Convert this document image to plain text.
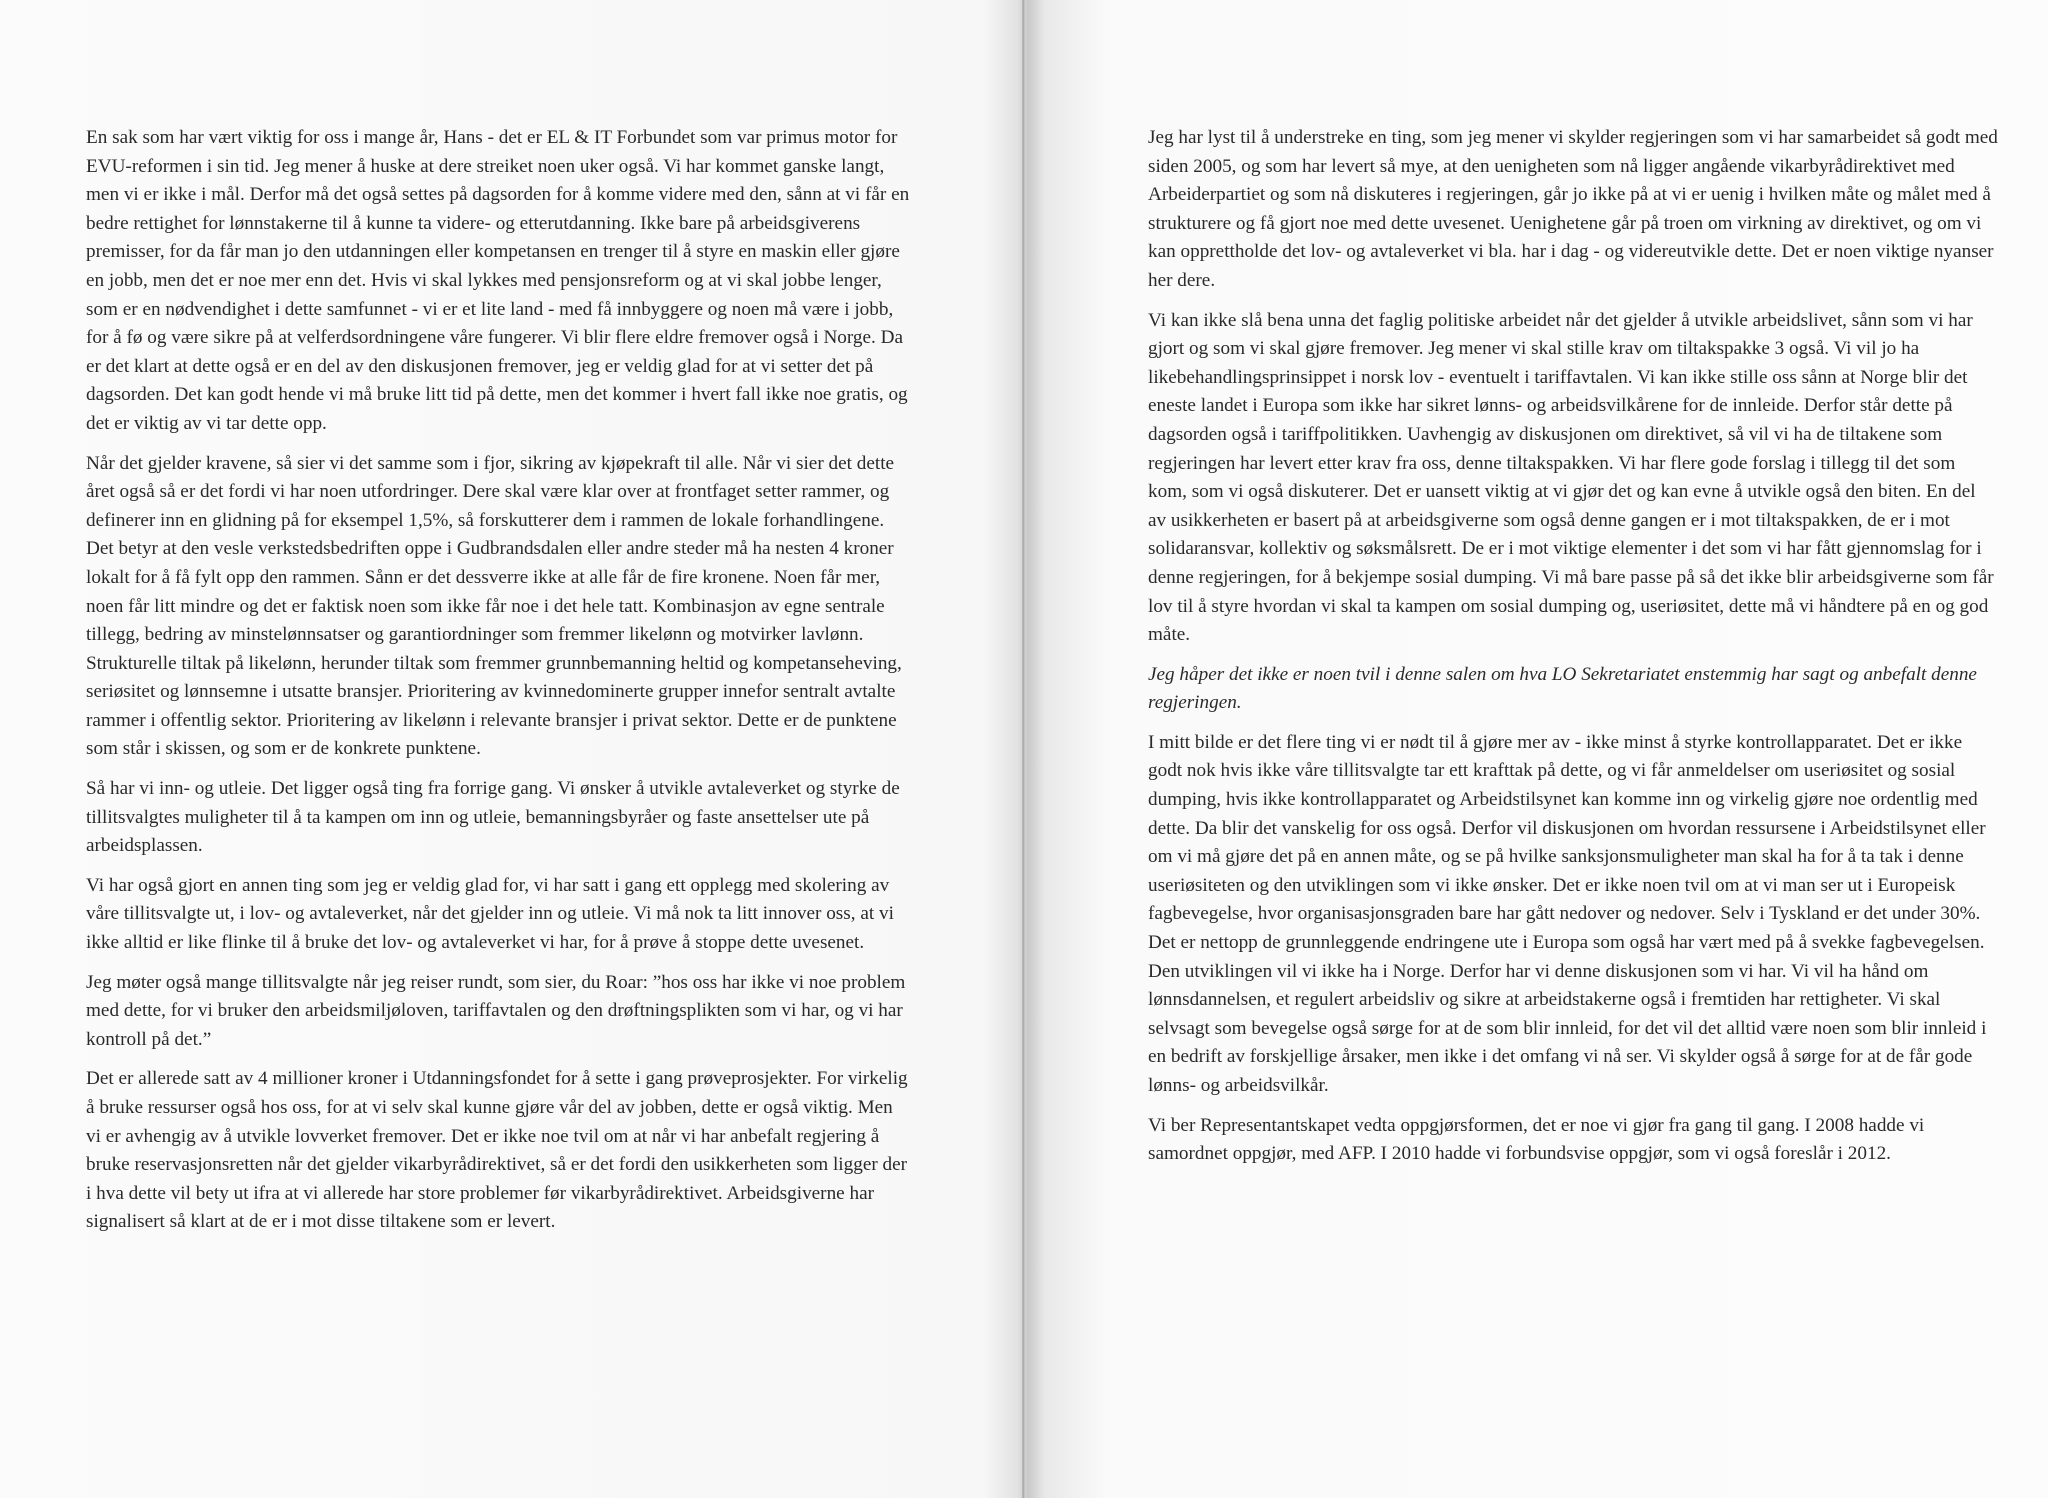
En sak som har vært viktig for oss i mange år, Hans - det er EL & IT Forbundet som var primus motor for EVU-reformen i sin tid. Jeg mener å huske at dere streiket noen uker også. Vi har kommet ganske langt, men vi er ikke i mål. Derfor må det også settes på dagsorden for å komme videre med den, sånn at vi får en bedre rettighet for lønnstakerne til å kunne ta videre- og etterutdanning. Ikke bare på arbeidsgiverens premisser, for da får man jo den utdanningen eller kompetansen en trenger til å styre en maskin eller gjøre en jobb, men det er noe mer enn det. Hvis vi skal lykkes med pensjonsreform og at vi skal jobbe lenger, som er en nødvendighet i dette samfunnet - vi er et lite land - med få innbyggere og noen må være i jobb, for å fø og være sikre på at velferdsordningene våre fungerer. Vi blir flere eldre fremover også i Norge. Da er det klart at dette også er en del av den diskusjonen fremover, jeg er veldig glad for at vi setter det på dagsorden. Det kan godt hende vi må bruke litt tid på dette, men det kommer i hvert fall ikke noe gratis, og det er viktig av vi tar dette opp.

Når det gjelder kravene, så sier vi det samme som i fjor, sikring av kjøpekraft til alle. Når vi sier det dette året også så er det fordi vi har noen utfordringer. Dere skal være klar over at frontfaget setter rammer, og definerer inn en glidning på for eksempel 1,5%, så forskutterer dem i rammen de lokale forhandlingene. Det betyr at den vesle verkstedsbedriften oppe i Gudbrandsdalen eller andre steder må ha nesten 4 kroner lokalt for å få fylt opp den rammen. Sånn er det dessverre ikke at alle får de fire kronene. Noen får mer, noen får litt mindre og det er faktisk noen som ikke får noe i det hele tatt. Kombinasjon av egne sentrale tillegg, bedring av minstelønnsatser og garantiordninger som fremmer likelønn og motvirker lavlønn. Strukturelle tiltak på likelønn, herunder tiltak som fremmer grunnbemanning heltid og kompetanseheving, seriøsitet og lønnsemne i utsatte bransjer. Prioritering av kvinnedominerte grupper innefor sentralt avtalte rammer i offentlig sektor. Prioritering av likelønn i relevante bransjer i privat sektor. Dette er de punktene som står i skissen, og som er de konkrete punktene.

Så har vi inn- og utleie. Det ligger også ting fra forrige gang. Vi ønsker å utvikle avtaleverket og styrke de tillitsvalgtes muligheter til å ta kampen om inn og utleie, bemanningsbyråer og faste ansettelser ute på arbeidsplassen.

Vi har også gjort en annen ting som jeg er veldig glad for, vi har satt i gang ett opplegg med skolering av våre tillitsvalgte ut, i lov- og avtaleverket, når det gjelder inn og utleie. Vi må nok ta litt innover oss, at vi ikke alltid er like flinke til å bruke det lov- og avtaleverket vi har, for å prøve å stoppe dette uvesenet.

Jeg møter også mange tillitsvalgte når jeg reiser rundt, som sier, du Roar: ”hos oss har ikke vi noe problem med dette, for vi bruker den arbeidsmiljøloven, tariffavtalen og den drøftningsplikten som vi har, og vi har kontroll på det.”

Det er allerede satt av 4 millioner kroner i Utdanningsfondet for å sette i gang prøveprosjekter. For virkelig å bruke ressurser også hos oss, for at vi selv skal kunne gjøre vår del av jobben, dette er også viktig. Men vi er avhengig av å utvikle lovverket fremover. Det er ikke noe tvil om at når vi har anbefalt regjering å bruke reservasjonsretten når det gjelder vikarbyrådirektivet, så er det fordi den usikkerheten som ligger der i hva dette vil bety ut ifra at vi allerede har store problemer før vikarbyrådirektivet. Arbeidsgiverne har signalisert så klart at de er i mot disse tiltakene som er levert.

Jeg har lyst til å understreke en ting, som jeg mener vi skylder regjeringen som vi har samarbeidet så godt med siden 2005, og som har levert så mye, at den uenigheten som nå ligger angående vikarbyrådirektivet med Arbeiderpartiet og som nå diskuteres i regjeringen, går jo ikke på at vi er uenig i hvilken måte og målet med å strukturere og få gjort noe med dette uvesenet. Uenighetene går på troen om virkning av direktivet, og om vi kan opprettholde det lov- og avtaleverket vi bla. har i dag - og videreutvikle dette. Det er noen viktige nyanser her dere.

Vi kan ikke slå bena unna det faglig politiske arbeidet når det gjelder å utvikle arbeidslivet, sånn som vi har gjort og som vi skal gjøre fremover. Jeg mener vi skal stille krav om tiltakspakke 3 også. Vi vil jo ha likebehandlingsprinsippet i norsk lov - eventuelt i tariffavtalen. Vi kan ikke stille oss sånn at Norge blir det eneste landet i Europa som ikke har sikret lønns- og arbeidsvilkårene for de innleide. Derfor står dette på dagsorden også i tariffpolitikken. Uavhengig av diskusjonen om direktivet, så vil vi ha de tiltakene som regjeringen har levert etter krav fra oss, denne tiltakspakken. Vi har flere gode forslag i tillegg til det som kom, som vi også diskuterer. Det er uansett viktig at vi gjør det og kan evne å utvikle også den biten. En del av usikkerheten er basert på at arbeidsgiverne som også denne gangen er i mot tiltakspakken, de er i mot solidaransvar, kollektiv og søksmålsrett. De er i mot viktige elementer i det som vi har fått gjennomslag for i denne regjeringen, for å bekjempe sosial dumping. Vi må bare passe på så det ikke blir arbeidsgiverne som får lov til å styre hvordan vi skal ta kampen om sosial dumping og, useriøsitet, dette må vi håndtere på en og god måte.

Jeg håper det ikke er noen tvil i denne salen om hva LO Sekretariatet enstemmig har sagt og anbefalt denne regjeringen.

I mitt bilde er det flere ting vi er nødt til å gjøre mer av - ikke minst å styrke kontrollapparatet. Det er ikke godt nok hvis ikke våre tillitsvalgte tar ett krafttak på dette, og vi får anmeldelser om useriøsitet og sosial dumping, hvis ikke kontrollapparatet og Arbeidstilsynet kan komme inn og virkelig gjøre noe ordentlig med dette. Da blir det vanskelig for oss også. Derfor vil diskusjonen om hvordan ressursene i Arbeidstilsynet eller om vi må gjøre det på en annen måte, og se på hvilke sanksjonsmuligheter man skal ha for å ta tak i denne useriøsiteten og den utviklingen som vi ikke ønsker. Det er ikke noen tvil om at vi man ser ut i Europeisk fagbevegelse, hvor organisasjonsgraden bare har gått nedover og nedover. Selv i Tyskland er det under 30%. Det er nettopp de grunnleggende endringene ute i Europa som også har vært med på å svekke fagbevegelsen. Den utviklingen vil vi ikke ha i Norge. Derfor har vi denne diskusjonen som vi har. Vi vil ha hånd om lønnsdannelsen, et regulert arbeidsliv og sikre at arbeidstakerne også i fremtiden har rettigheter. Vi skal selvsagt som bevegelse også sørge for at de som blir innleid, for det vil det alltid være noen som blir innleid i en bedrift av forskjellige årsaker, men ikke i det omfang vi nå ser. Vi skylder også å sørge for at de får gode lønns- og arbeidsvilkår.

Vi ber Representantskapet vedta oppgjørsformen, det er noe vi gjør fra gang til gang. I 2008 hadde vi samordnet oppgjør, med AFP. I 2010 hadde vi forbundsvise oppgjør, som vi også foreslår i 2012.
